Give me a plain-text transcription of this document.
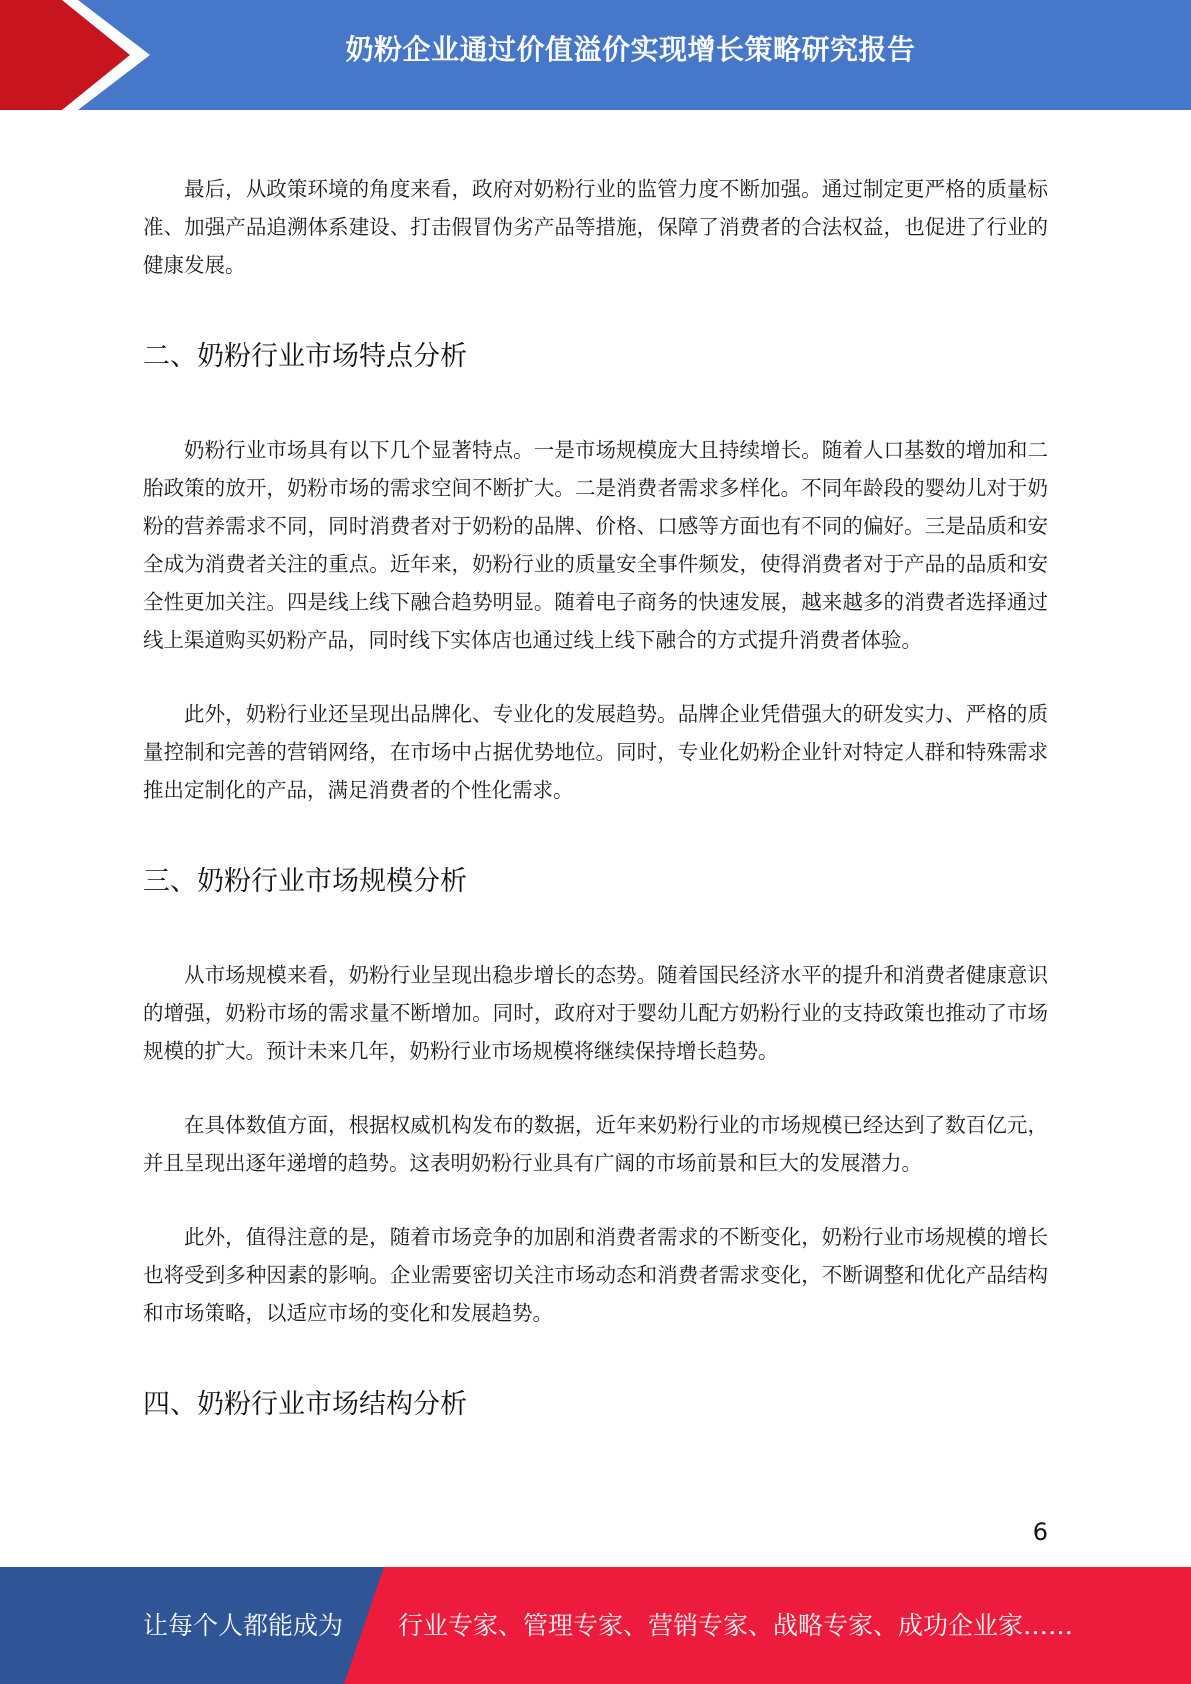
奶粉企业通过价值溢价实现增长策略研究报告

最后，从政策环境的角度来看，政府对奶粉行业的监管力度不断加强。通过制定更严格的质量标准、加强产品追溯体系建设、打击假冒伪劣产品等措施，保障了消费者的合法权益，也促进了行业的健康发展。

二、奶粉行业市场特点分析

奶粉行业市场具有以下几个显著特点。一是市场规模庞大且持续增长。随着人口基数的增加和二胎政策的放开，奶粉市场的需求空间不断扩大。二是消费者需求多样化。不同年龄段的婴幼儿对于奶粉的营养需求不同，同时消费者对于奶粉的品牌、价格、口感等方面也有不同的偏好。三是品质和安全成为消费者关注的重点。近年来，奶粉行业的质量安全事件频发，使得消费者对于产品的品质和安全性更加关注。四是线上线下融合趋势明显。随着电子商务的快速发展，越来越多的消费者选择通过线上渠道购买奶粉产品，同时线下实体店也通过线上线下融合的方式提升消费者体验。

此外，奶粉行业还呈现出品牌化、专业化的发展趋势。品牌企业凭借强大的研发实力、严格的质量控制和完善的营销网络，在市场中占据优势地位。同时，专业化奶粉企业针对特定人群和特殊需求推出定制化的产品，满足消费者的个性化需求。

三、奶粉行业市场规模分析

从市场规模来看，奶粉行业呈现出稳步增长的态势。随着国民经济水平的提升和消费者健康意识的增强，奶粉市场的需求量不断增加。同时，政府对于婴幼儿配方奶粉行业的支持政策也推动了市场规模的扩大。预计未来几年，奶粉行业市场规模将继续保持增长趋势。

在具体数值方面，根据权威机构发布的数据，近年来奶粉行业的市场规模已经达到了数百亿元，并且呈现出逐年递增的趋势。这表明奶粉行业具有广阔的市场前景和巨大的发展潜力。

此外，值得注意的是，随着市场竞争的加剧和消费者需求的不断变化，奶粉行业市场规模的增长也将受到多种因素的影响。企业需要密切关注市场动态和消费者需求变化，不断调整和优化产品结构和市场策略，以适应市场的变化和发展趋势。

四、奶粉行业市场结构分析
6
让每个人都能成为 行业专家、管理专家、营销专家、战略专家、成功企业家……
